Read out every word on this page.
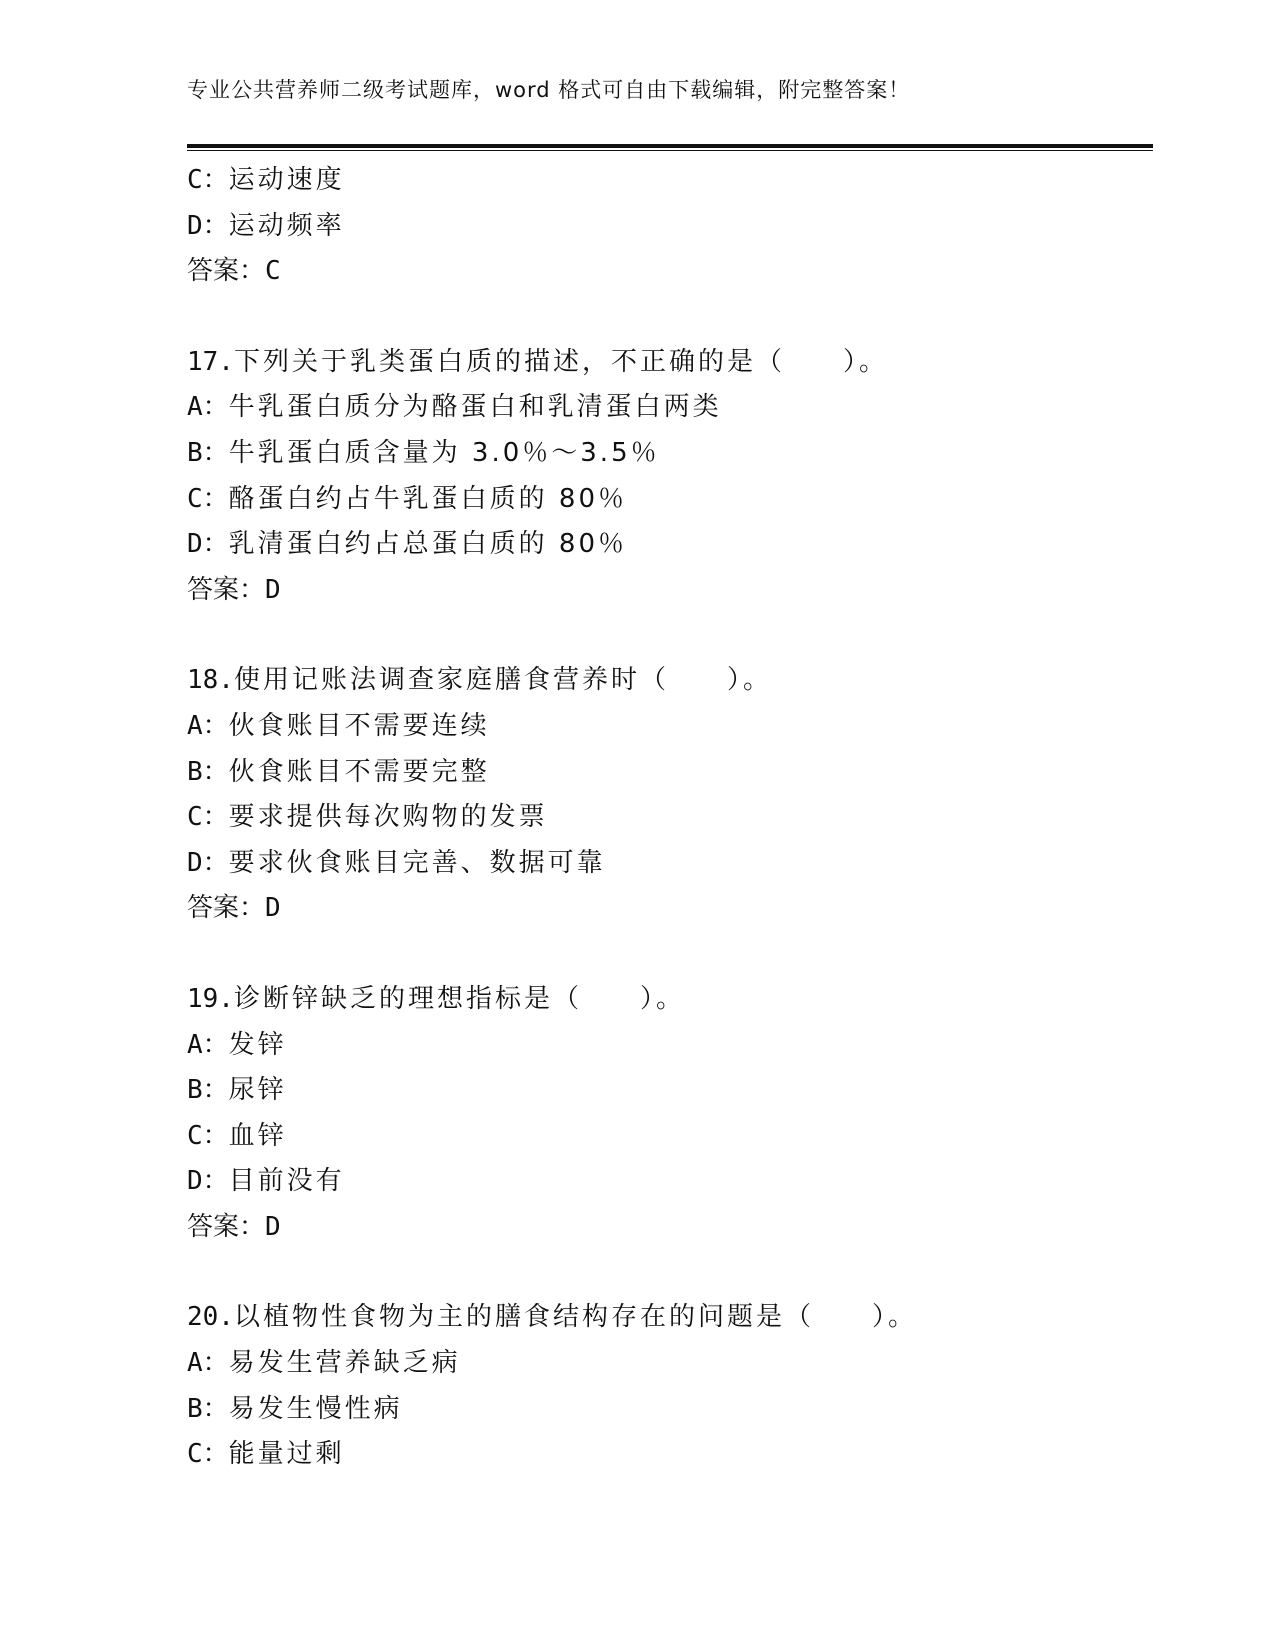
专业公共营养师二级考试题库，word 格式可自由下载编辑，附完整答案！
C：运动速度
D：运动频率
答案：C
17.下列关于乳类蛋白质的描述，不正确的是（　　）。
A：牛乳蛋白质分为酪蛋白和乳清蛋白两类
B：牛乳蛋白质含量为 3.0％～3.5％
C：酪蛋白约占牛乳蛋白质的 80％
D：乳清蛋白约占总蛋白质的 80％
答案：D
18.使用记账法调查家庭膳食营养时（　　）。
A：伙食账目不需要连续
B：伙食账目不需要完整
C：要求提供每次购物的发票
D：要求伙食账目完善、数据可靠
答案：D
19.诊断锌缺乏的理想指标是（　　）。
A：发锌
B：尿锌
C：血锌
D：目前没有
答案：D
20.以植物性食物为主的膳食结构存在的问题是（　　）。
A：易发生营养缺乏病
B：易发生慢性病
C：能量过剩
